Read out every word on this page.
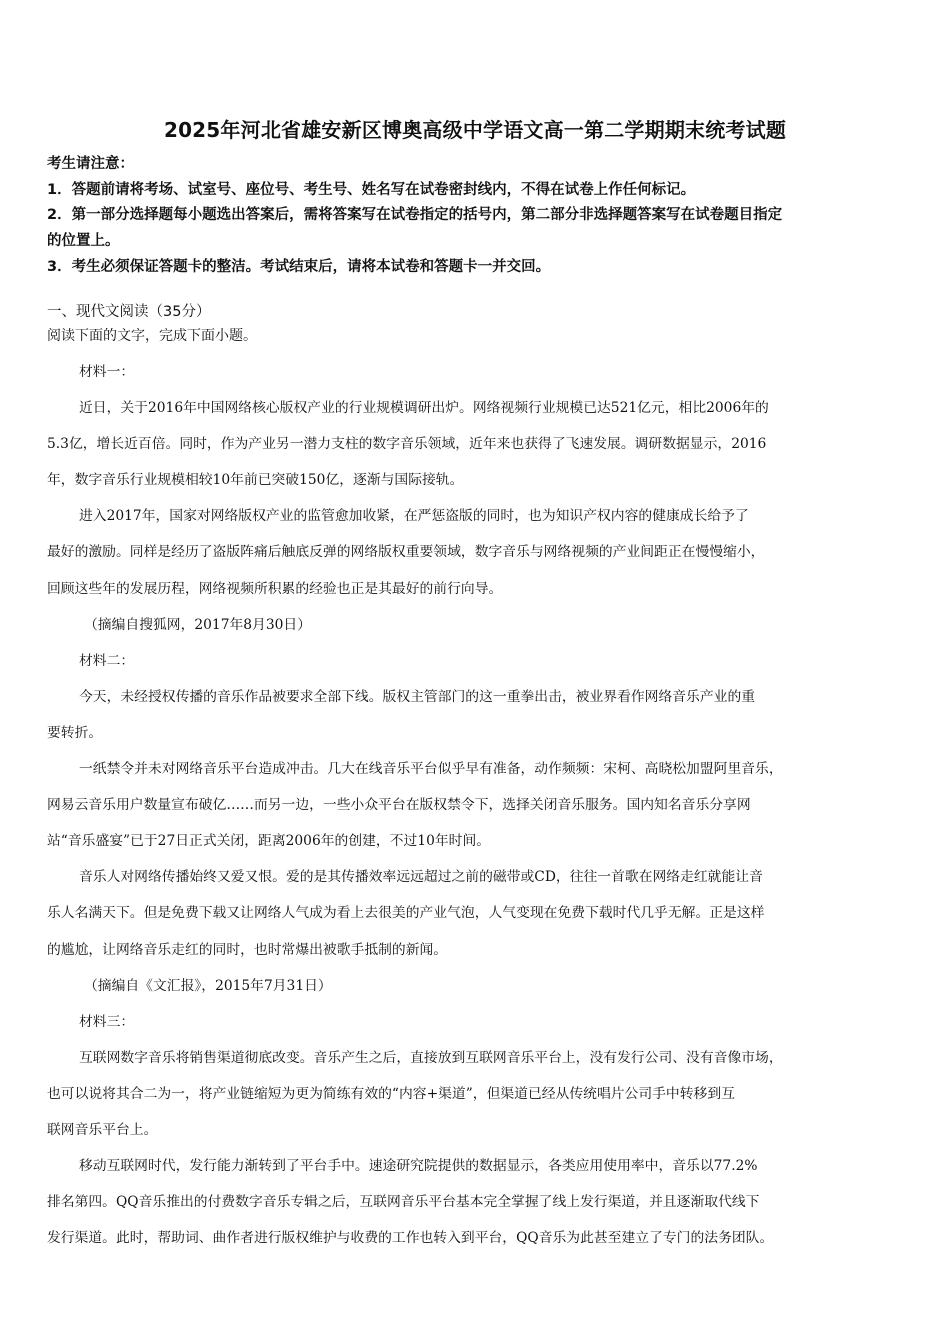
2025年河北省雄安新区博奥高级中学语文高一第二学期期末统考试题
考生请注意：
1．答题前请将考场、试室号、座位号、考生号、姓名写在试卷密封线内，不得在试卷上作任何标记。
2．第一部分选择题每小题选出答案后，需将答案写在试卷指定的括号内，第二部分非选择题答案写在试卷题目指定
的位置上。
3．考生必须保证答题卡的整洁。考试结束后，请将本试卷和答题卡一并交回。
一、现代文阅读（35分）
阅读下面的文字，完成下面小题。
材料一：
近日，关于2016年中国网络核心版权产业的行业规模调研出炉。网络视频行业规模已达521亿元，相比2006年的
5.3亿，增长近百倍。同时，作为产业另一潜力支柱的数字音乐领域，近年来也获得了飞速发展。调研数据显示，2016
年，数字音乐行业规模相较10年前已突破150亿，逐渐与国际接轨。
进入2017年，国家对网络版权产业的监管愈加收紧，在严惩盗版的同时，也为知识产权内容的健康成长给予了
最好的激励。同样是经历了盗版阵痛后触底反弹的网络版权重要领域，数字音乐与网络视频的产业间距正在慢慢缩小，
回顾这些年的发展历程，网络视频所积累的经验也正是其最好的前行向导。
（摘编自搜狐网，2017年8月30日）
材料二：
今天，未经授权传播的音乐作品被要求全部下线。版权主管部门的这一重拳出击，被业界看作网络音乐产业的重
要转折。
一纸禁令并未对网络音乐平台造成冲击。几大在线音乐平台似乎早有准备，动作频频：宋柯、高晓松加盟阿里音乐，
网易云音乐用户数量宣布破亿……而另一边，一些小众平台在版权禁令下，选择关闭音乐服务。国内知名音乐分享网
站“音乐盛宴”已于27日正式关闭，距离2006年的创建，不过10年时间。
音乐人对网络传播始终又爱又恨。爱的是其传播效率远远超过之前的磁带或CD，往往一首歌在网络走红就能让音
乐人名满天下。但是免费下载又让网络人气成为看上去很美的产业气泡，人气变现在免费下载时代几乎无解。正是这样
的尴尬，让网络音乐走红的同时，也时常爆出被歌手抵制的新闻。
（摘编自《文汇报》，2015年7月31日）
材料三：
互联网数字音乐将销售渠道彻底改变。音乐产生之后，直接放到互联网音乐平台上，没有发行公司、没有音像市场，
也可以说将其合二为一，将产业链缩短为更为简练有效的“内容+渠道”，但渠道已经从传统唱片公司手中转移到互
联网音乐平台上。
移动互联网时代，发行能力渐转到了平台手中。速途研究院提供的数据显示，各类应用使用率中，音乐以77.2%
排名第四。QQ音乐推出的付费数字音乐专辑之后，互联网音乐平台基本完全掌握了线上发行渠道，并且逐渐取代线下
发行渠道。此时，帮助词、曲作者进行版权维护与收费的工作也转入到平台，QQ音乐为此甚至建立了专门的法务团队。
